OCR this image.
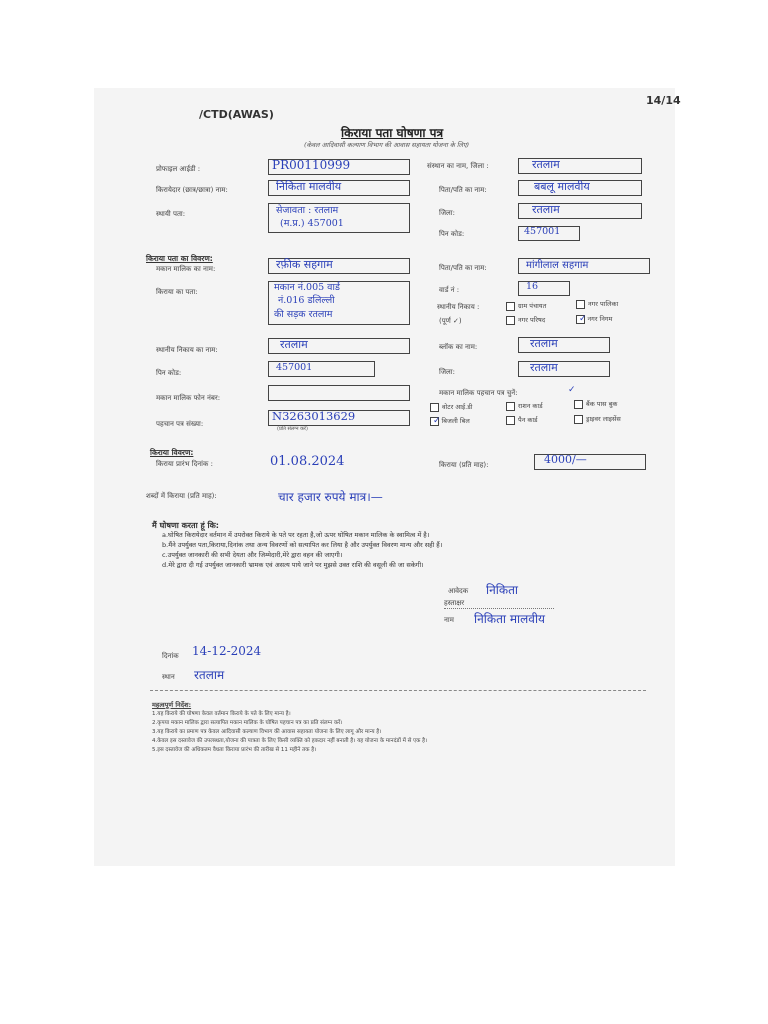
14/14
/CTD(AWAS)
किराया पता घोषणा पत्र
(केवल आदिवासी कल्याण विभाग की आवास सहायता योजना के लिए)
प्रोफाइल आईडी :	PR00110999	संस्थान का नाम, जिला :	रतलाम
किरायेदार (छात्र/छात्रा) नाम:	निकिता मालवीय	पिता/पति का नाम:	बबलू मालवीय
स्थायी पता:	सेजावता : रतलाम
(म.प्र.) 457001
जिला:	रतलाम
पिन कोड:	457001
किराया पता का विवरण:
मकान मालिक का नाम:	रफ़ीक सहगाम	पिता/पति का नाम:	मांगीलाल सहगाम
किराया का पता:	मकान नं.005 वार्ड
नं.016 डलिल्ली
की सड़क रतलाम
वार्ड नं :	16
स्थानीय निकाय :
(पूर्ण ✓)
ग्राम पंचायत	नगर पालिका
नगर परिषद	✓नगर निगम
स्थानीय निकाय का नाम:	रतलाम	ब्लॉक का नाम:	रतलाम
पिन कोड:	457001	जिला:	रतलाम
मकान मालिक फोन नंबर:
मकान मालिक पहचान पत्र चुनें:	✓
वोटर आई.डी	राशन कार्ड	बैंक पास बुक
✓बिजली बिल	पैन कार्ड	ड्राइवर लाइसेंस
पहचान पत्र संख्या:
N3263013629
(प्रति संलग्न करें)
किराया विवरण:
किराया प्रारंभ दिनांक :	01.08.2024	किराया (प्रति माह):	4000/—
शब्दों में किराया (प्रति माह):	चार हजार रुपये मात्र।—
मैं घोषणा करता हूं कि:
a.घोषित किरायेदार वर्तमान में उपरोक्त किराये के पते पर रहता है,जो ऊपर घोषित मकान मालिक के स्वामित्व में है।
b.मैंने उपर्युक्त पता,किराया,दिनांक तथा अन्य विवरणों को सत्यापित कर लिया है और उपर्युक्त विवरण मान्य और सही हैं।
c.उपर्युक्त जानकारी की सभी देयता और जिम्मेदारी,मेरे द्वारा वहन की जाएगी।
d.मेरे द्वारा दी गई उपर्युक्त जानकारी भ्रामक एवं असत्य पाये जाने पर मुझसे उक्त राशि की वसूली की जा सकेगी।
आवेदक निकिता
हस्ताक्षर
नाम निकिता मालवीय
दिनांक 14-12-2024
स्थान रतलाम
महत्वपूर्ण निर्देश:
1.यह किराये की घोषणा केवल वर्तमान किराये के पते के लिए मान्य है।
2.कृपया मकान मालिक द्वारा सत्यापित मकान मालिक के घोषित पहचान पत्र का प्रति संलग्न करें।
3.यह किराये का प्रमाण पत्र केवल आदिवासी कल्याण विभाग की आवास सहायता योजना के लिए लागू और मान्य है।
4.केवल इस दस्तावेज की उपलब्धता,योजना की पात्रता के लिए किसी व्यक्ति को हकदार नहीं बनाती है। यह योजना के मानदंडों में से एक है।
5.इस दस्तावेज की अधिकतम वैधता किराया प्रारंभ की तारीख से 11 महीने तक है।
